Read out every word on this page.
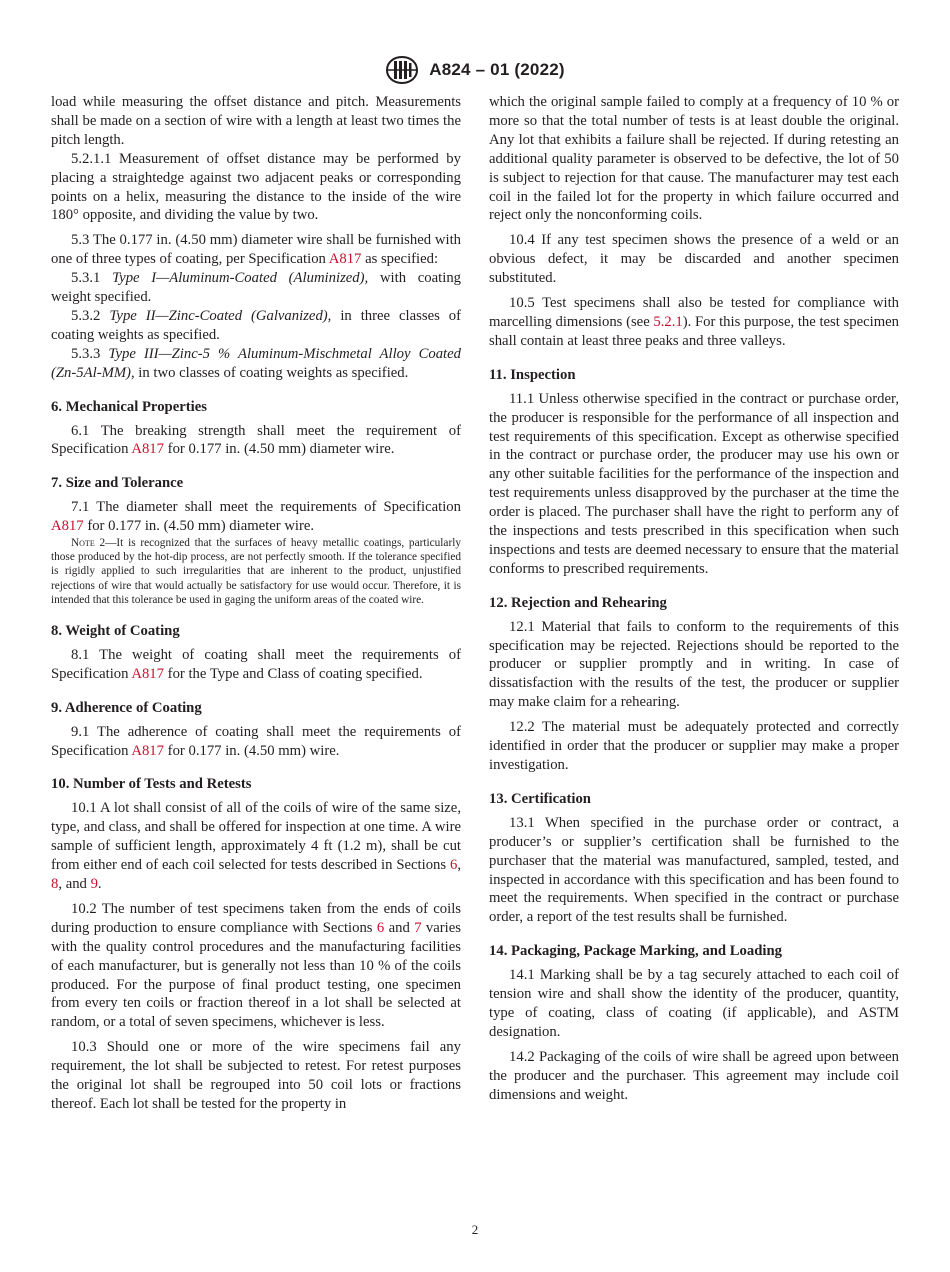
A824 – 01 (2022)

load while measuring the offset distance and pitch. Measurements shall be made on a section of wire with a length at least two times the pitch length.

5.2.1.1 Measurement of offset distance may be performed by placing a straightedge against two adjacent peaks or corresponding points on a helix, measuring the distance to the inside of the wire 180° opposite, and dividing the value by two.

5.3 The 0.177 in. (4.50 mm) diameter wire shall be furnished with one of three types of coating, per Specification A817 as specified:

5.3.1 Type I—Aluminum-Coated (Aluminized), with coating weight specified.

5.3.2 Type II—Zinc-Coated (Galvanized), in three classes of coating weights as specified.

5.3.3 Type III—Zinc-5 % Aluminum-Mischmetal Alloy Coated (Zn-5Al-MM), in two classes of coating weights as specified.

6. Mechanical Properties

6.1 The breaking strength shall meet the requirement of Specification A817 for 0.177 in. (4.50 mm) diameter wire.

7. Size and Tolerance

7.1 The diameter shall meet the requirements of Specification A817 for 0.177 in. (4.50 mm) diameter wire.

Note 2—It is recognized that the surfaces of heavy metallic coatings, particularly those produced by the hot-dip process, are not perfectly smooth. If the tolerance specified is rigidly applied to such irregularities that are inherent to the product, unjustified rejections of wire that would actually be satisfactory for use would occur. Therefore, it is intended that this tolerance be used in gaging the uniform areas of the coated wire.

8. Weight of Coating

8.1 The weight of coating shall meet the requirements of Specification A817 for the Type and Class of coating specified.

9. Adherence of Coating

9.1 The adherence of coating shall meet the requirements of Specification A817 for 0.177 in. (4.50 mm) wire.

10. Number of Tests and Retests

10.1 A lot shall consist of all of the coils of wire of the same size, type, and class, and shall be offered for inspection at one time. A wire sample of sufficient length, approximately 4 ft (1.2 m), shall be cut from either end of each coil selected for tests described in Sections 6, 8, and 9.

10.2 The number of test specimens taken from the ends of coils during production to ensure compliance with Sections 6 and 7 varies with the quality control procedures and the manufacturing facilities of each manufacturer, but is generally not less than 10 % of the coils produced. For the purpose of final product testing, one specimen from every ten coils or fraction thereof in a lot shall be selected at random, or a total of seven specimens, whichever is less.

10.3 Should one or more of the wire specimens fail any requirement, the lot shall be subjected to retest. For retest purposes the original lot shall be regrouped into 50 coil lots or fractions thereof. Each lot shall be tested for the property in

which the original sample failed to comply at a frequency of 10 % or more so that the total number of tests is at least double the original. Any lot that exhibits a failure shall be rejected. If during retesting an additional quality parameter is observed to be defective, the lot of 50 is subject to rejection for that cause. The manufacturer may test each coil in the failed lot for the property in which failure occurred and reject only the nonconforming coils.

10.4 If any test specimen shows the presence of a weld or an obvious defect, it may be discarded and another specimen substituted.

10.5 Test specimens shall also be tested for compliance with marcelling dimensions (see 5.2.1). For this purpose, the test specimen shall contain at least three peaks and three valleys.

11. Inspection

11.1 Unless otherwise specified in the contract or purchase order, the producer is responsible for the performance of all inspection and test requirements of this specification. Except as otherwise specified in the contract or purchase order, the producer may use his own or any other suitable facilities for the performance of the inspection and test requirements unless disapproved by the purchaser at the time the order is placed. The purchaser shall have the right to perform any of the inspections and tests prescribed in this specification when such inspections and tests are deemed necessary to ensure that the material conforms to prescribed requirements.

12. Rejection and Rehearing

12.1 Material that fails to conform to the requirements of this specification may be rejected. Rejections should be reported to the producer or supplier promptly and in writing. In case of dissatisfaction with the results of the test, the producer or supplier may make claim for a rehearing.

12.2 The material must be adequately protected and correctly identified in order that the producer or supplier may make a proper investigation.

13. Certification

13.1 When specified in the purchase order or contract, a producer’s or supplier’s certification shall be furnished to the purchaser that the material was manufactured, sampled, tested, and inspected in accordance with this specification and has been found to meet the requirements. When specified in the contract or purchase order, a report of the test results shall be furnished.

14. Packaging, Package Marking, and Loading

14.1 Marking shall be by a tag securely attached to each coil of tension wire and shall show the identity of the producer, quantity, type of coating, class of coating (if applicable), and ASTM designation.

14.2 Packaging of the coils of wire shall be agreed upon between the producer and the purchaser. This agreement may include coil dimensions and weight.

2
